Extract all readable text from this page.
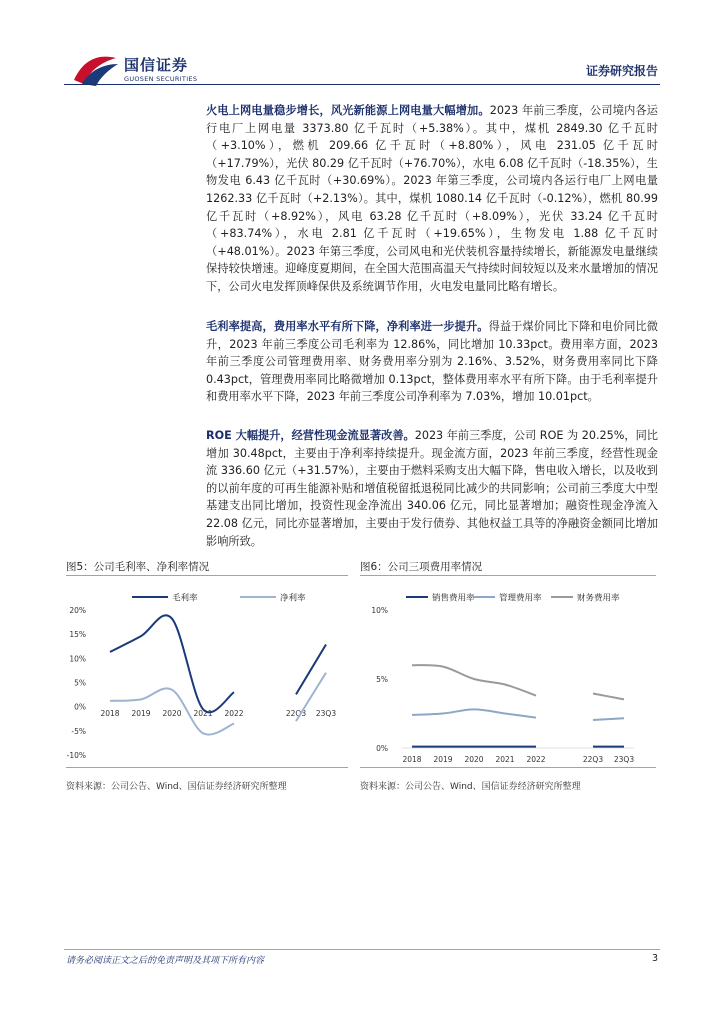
国信证券
GUOSEN SECURITIES
证券研究报告
火电上网电量稳步增长，风光新能源上网电量大幅增加。2023 年前三季度，公司境内各运行电厂上网电量 3373.80 亿千瓦时（+5.38%）。其中，煤机 2849.30 亿千瓦时（+3.10%），燃机 209.66 亿千瓦时（+8.80%），风电 231.05 亿千瓦时（+17.79%），光伏 80.29 亿千瓦时（+76.70%），水电 6.08 亿千瓦时（-18.35%），生物发电 6.43 亿千瓦时（+30.69%）。2023 年第三季度，公司境内各运行电厂上网电量 1262.33 亿千瓦时（+2.13%）。其中，煤机 1080.14 亿千瓦时（-0.12%），燃机 80.99 亿千瓦时（+8.92%），风电 63.28 亿千瓦时（+8.09%），光伏 33.24 亿千瓦时（+83.74%），水电 2.81 亿千瓦时（+19.65%），生物发电 1.88 亿千瓦时（+48.01%）。2023 年第三季度，公司风电和光伏装机容量持续增长，新能源发电量继续保持较快增速。迎峰度夏期间，在全国大范围高温天气持续时间较短以及来水量增加的情况下，公司火电发挥顶峰保供及系统调节作用，火电发电量同比略有增长。
毛利率提高，费用率水平有所下降，净利率进一步提升。得益于煤价同比下降和电价同比微升，2023 年前三季度公司毛利率为 12.86%，同比增加 10.33pct。费用率方面，2023 年前三季度公司管理费用率、财务费用率分别为 2.16%、3.52%，财务费用率同比下降 0.43pct，管理费用率同比略微增加 0.13pct，整体费用率水平有所下降。由于毛利率提升和费用率水平下降，2023 年前三季度公司净利率为 7.03%，增加 10.01pct。
ROE 大幅提升，经营性现金流显著改善。2023 年前三季度，公司 ROE 为 20.25%，同比增加 30.48pct，主要由于净利率持续提升。现金流方面，2023 年前三季度，经营性现金流 336.60 亿元（+31.57%），主要由于燃料采购支出大幅下降，售电收入增长，以及收到的以前年度的可再生能源补贴和增值税留抵退税同比减少的共同影响；公司前三季度大中型基建支出同比增加，投资性现金净流出 340.06 亿元，同比显著增加；融资性现金净流入 22.08 亿元，同比亦显著增加，主要由于发行债券、其他权益工具等的净融资金额同比增加影响所致。
图5：公司毛利率、净利率情况
毛利率	净利率
20%
15%
10%
5%
0%
-5%
-10%
2018 2019 2020 2021 2022	22Q3 23Q3
资料来源：公司公告、Wind、国信证券经济研究所整理
图6：公司三项费用率情况
销售费用率	管理费用率	财务费用率
10%
5%
0%
2018 2019 2020 2021 2022	22Q3 23Q3
资料来源：公司公告、Wind、国信证券经济研究所整理
请务必阅读正文之后的免责声明及其项下所有内容	3
